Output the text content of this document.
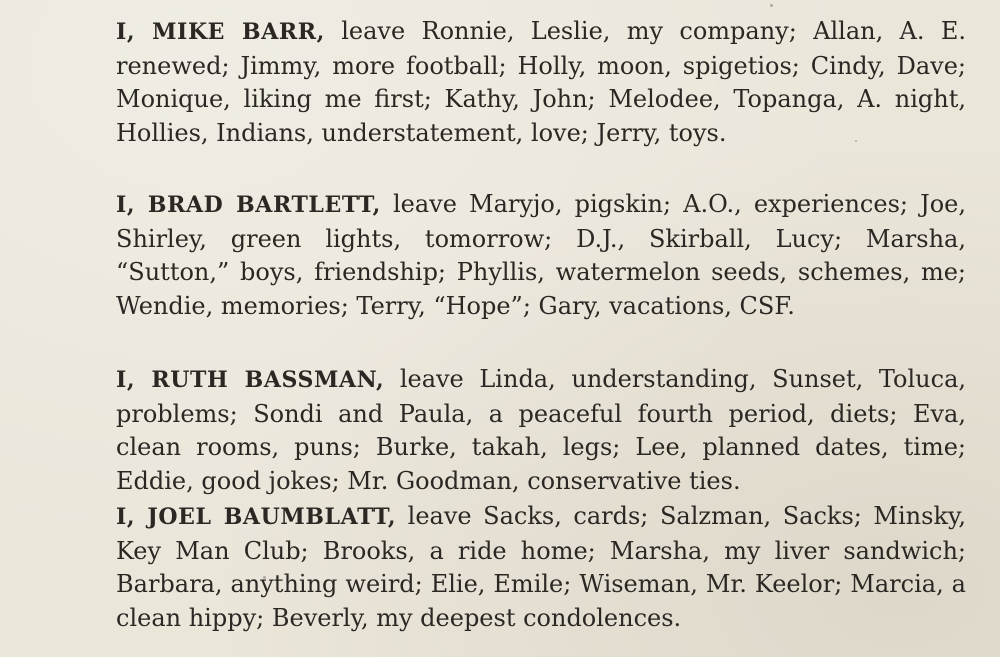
I, MIKE BARR, leave Ronnie, Leslie, my company; Allan, A. E. renewed; Jimmy, more football; Holly, moon, spigetios; Cindy, Dave; Monique, liking me first; Kathy, John; Melodee, Topanga, A. night, Hollies, Indians, understatement, love; Jerry, toys.

I, BRAD BARTLETT, leave Maryjo, pigskin; A.O., experiences; Joe, Shirley, green lights, tomorrow; D.J., Skirball, Lucy; Marsha, “Sutton,” boys, friendship; Phyllis, watermelon seeds, schemes, me; Wendie, memories; Terry, “Hope”; Gary, vacations, CSF.

I, RUTH BASSMAN, leave Linda, understanding, Sunset, Toluca, problems; Sondi and Paula, a peaceful fourth period, diets; Eva, clean rooms, puns; Burke, takah, legs; Lee, planned dates, time; Eddie, good jokes; Mr. Goodman, conservative ties.

I, JOEL BAUMBLATT, leave Sacks, cards; Salzman, Sacks; Minsky, Key Man Club; Brooks, a ride home; Marsha, my liver sandwich; Barbara, anything weird; Elie, Emile; Wiseman, Mr. Keelor; Marcia, a clean hippy; Beverly, my deepest condolences.
